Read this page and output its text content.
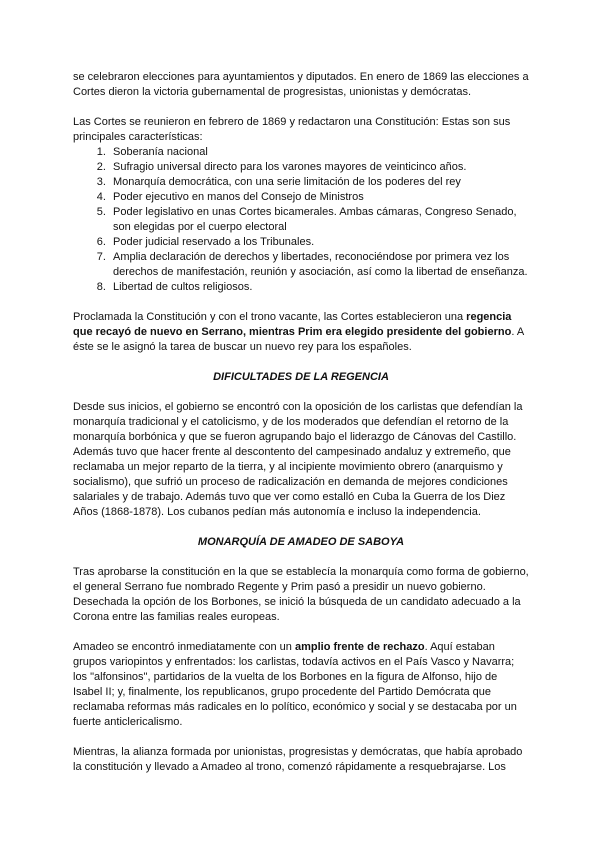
se celebraron elecciones para ayuntamientos y diputados. En enero de 1869 las elecciones a Cortes dieron la victoria gubernamental de progresistas, unionistas y demócratas.

Las Cortes se reunieron en febrero de 1869 y redactaron una Constitución: Estas son sus principales características:

1. Soberanía nacional
2. Sufragio universal directo para los varones mayores de veinticinco años.
3. Monarquía democrática, con una serie limitación de los poderes del rey
4. Poder ejecutivo en manos del Consejo de Ministros
5. Poder legislativo en unas Cortes bicamerales. Ambas cámaras, Congreso Senado, son elegidas por el cuerpo electoral
6. Poder judicial reservado a los Tribunales.
7. Amplia declaración de derechos y libertades, reconociéndose por primera vez los derechos de manifestación, reunión y asociación, así como la libertad de enseñanza.
8. Libertad de cultos religiosos.

Proclamada la Constitución y con el trono vacante, las Cortes establecieron una regencia que recayó de nuevo en Serrano, mientras Prim era elegido presidente del gobierno. A éste se le asignó la tarea de buscar un nuevo rey para los españoles.

DIFICULTADES DE LA REGENCIA

Desde sus inicios, el gobierno se encontró con la oposición de los carlistas que defendían la monarquía tradicional y el catolicismo, y de los moderados que defendían el retorno de la monarquía borbónica y que se fueron agrupando bajo el liderazgo de Cánovas del Castillo. Además tuvo que hacer frente al descontento del campesinado andaluz y extremeño, que reclamaba un mejor reparto de la tierra, y al incipiente movimiento obrero (anarquismo y socialismo), que sufrió un proceso de radicalización en demanda de mejores condiciones salariales y de trabajo. Además tuvo que ver como estalló en Cuba la Guerra de los Diez Años (1868-1878). Los cubanos pedían más autonomía e incluso la independencia.

MONARQUÍA DE AMADEO DE SABOYA

Tras aprobarse la constitución en la que se establecía la monarquía como forma de gobierno, el general Serrano fue nombrado Regente y Prim pasó a presidir un nuevo gobierno. Desechada la opción de los Borbones, se inició la búsqueda de un candidato adecuado a la Corona entre las familias reales europeas.

Amadeo se encontró inmediatamente con un amplio frente de rechazo. Aquí estaban grupos variopintos y enfrentados: los carlistas, todavía activos en el País Vasco y Navarra; los "alfonsinos", partidarios de la vuelta de los Borbones en la figura de Alfonso, hijo de Isabel II; y, finalmente, los republicanos, grupo procedente del Partido Demócrata que reclamaba reformas más radicales en lo político, económico y social y se destacaba por un fuerte anticlericalismo.

Mientras, la alianza formada por unionistas, progresistas y demócratas, que había aprobado la constitución y llevado a Amadeo al trono, comenzó rápidamente a resquebrajarse. Los
